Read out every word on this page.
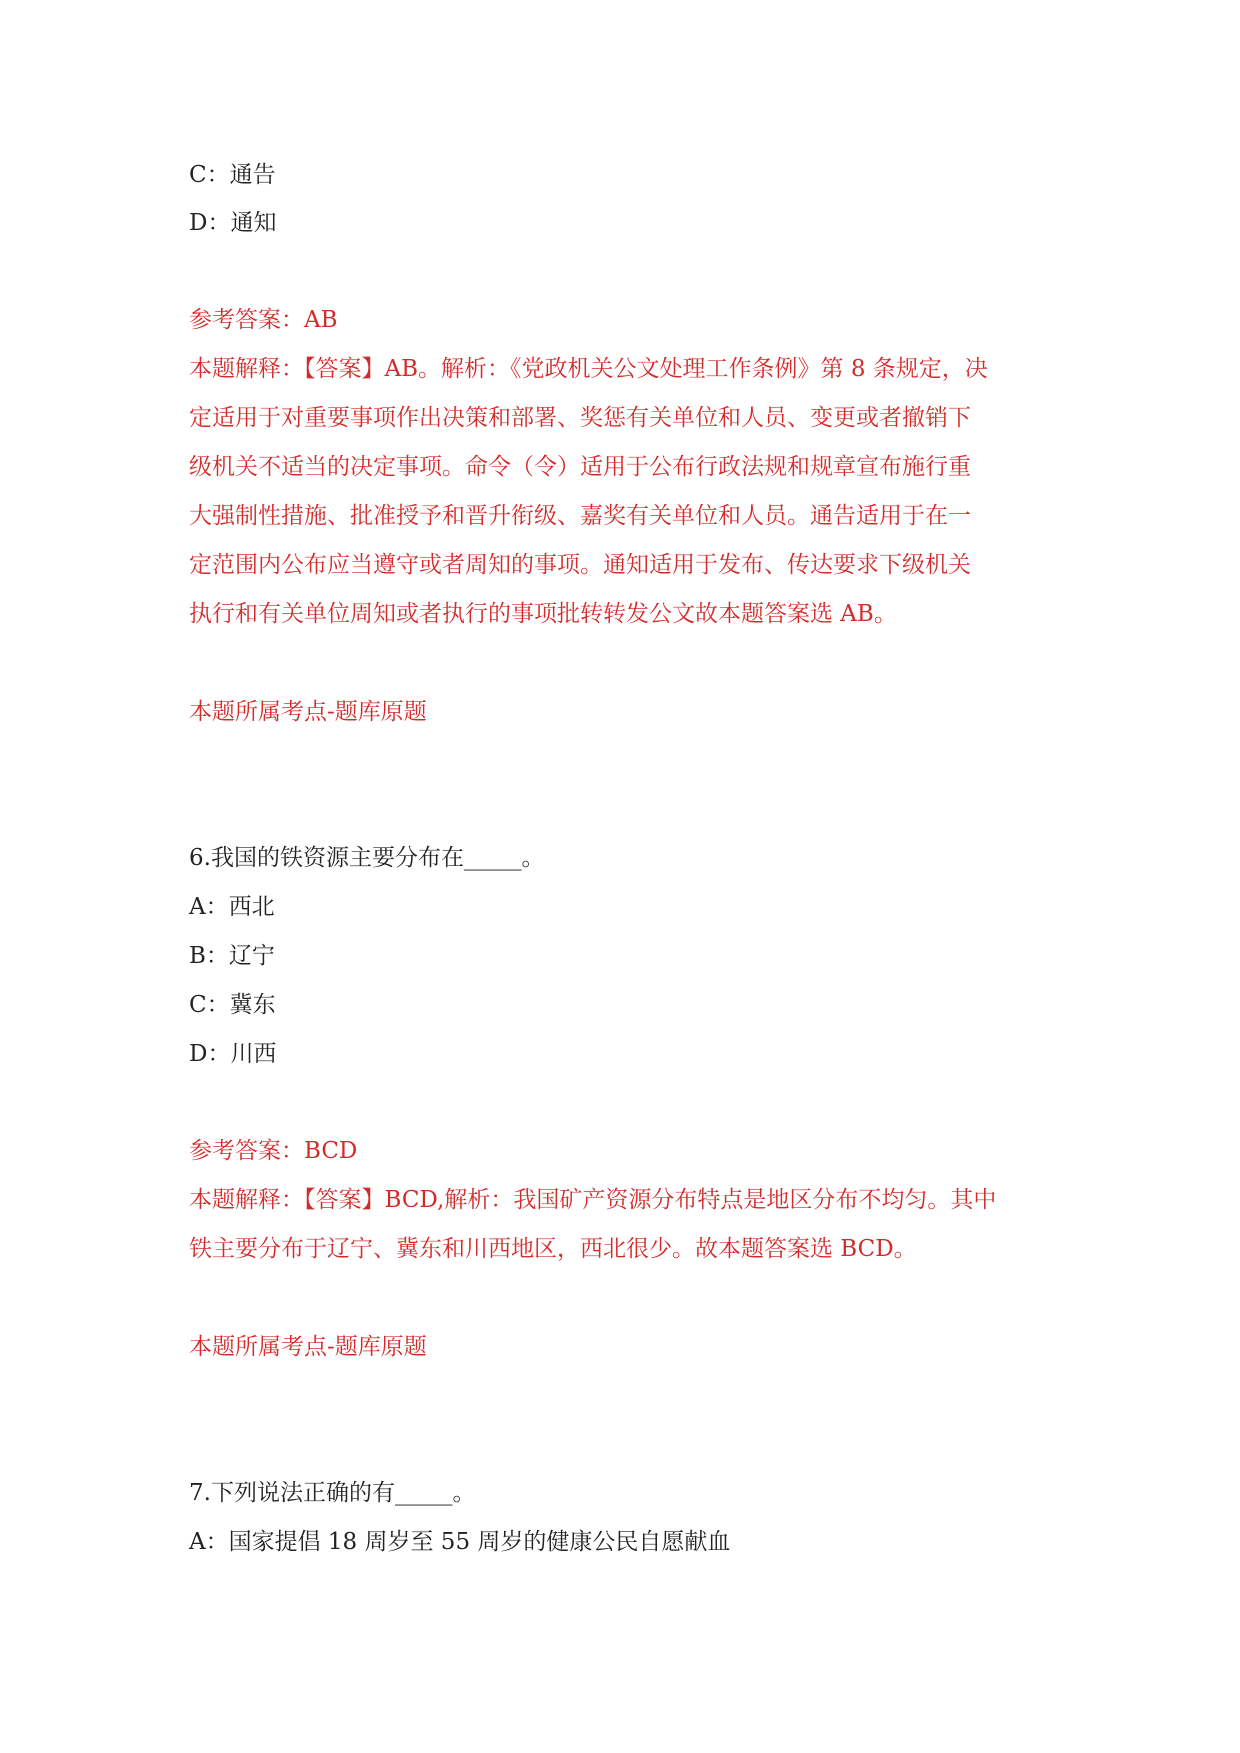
C：通告
D：通知
参考答案：AB
本题解释：【答案】AB。解析：《党政机关公文处理工作条例》第 8 条规定，决
定适用于对重要事项作出决策和部署、奖惩有关单位和人员、变更或者撤销下
级机关不适当的决定事项。命令（令）适用于公布行政法规和规章宣布施行重
大强制性措施、批准授予和晋升衔级、嘉奖有关单位和人员。通告适用于在一
定范围内公布应当遵守或者周知的事项。通知适用于发布、传达要求下级机关
执行和有关单位周知或者执行的事项批转转发公文故本题答案选 AB。
本题所属考点-题库原题
6.我国的铁资源主要分布在_____。
A：西北
B：辽宁
C：冀东
D：川西
参考答案：BCD
本题解释：【答案】BCD,解析：我国矿产资源分布特点是地区分布不均匀。其中
铁主要分布于辽宁、冀东和川西地区，西北很少。故本题答案选 BCD。
本题所属考点-题库原题
7.下列说法正确的有_____。
A：国家提倡 18 周岁至 55 周岁的健康公民自愿献血
